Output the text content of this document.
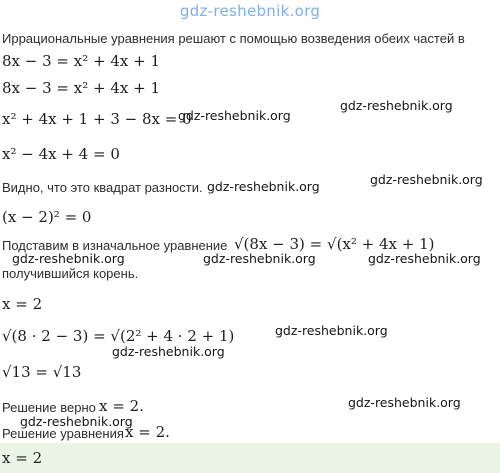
gdz-reshebnik.org
Иррациональные уравнения решают с помощью возведения обеих частей в
8x − 3 = x² + 4x + 1
8x − 3 = x² + 4x + 1
x² + 4x + 1 + 3 − 8x = 0
gdz-reshebnik.org
gdz-reshebnik.org
x² − 4x + 4 = 0
Видно, что это квадрат разности. gdz-reshebnik.org	gdz-reshebnik.org
(x − 2)² = 0
Подставим в изначальное уравнение √(8x − 3) = √(x² + 4x + 1)
gdz-reshebnik.org	gdz-reshebnik.org	gdz-reshebnik.org
получившийся корень.
x = 2
√(8 · 2 − 3) = √(2² + 4 · 2 + 1)	gdz-reshebnik.org
gdz-reshebnik.org
√13 = √13
Решение верно x = 2.	gdz-reshebnik.org
gdz-reshebnik.org
Решение уравнения x = 2.
x = 2
